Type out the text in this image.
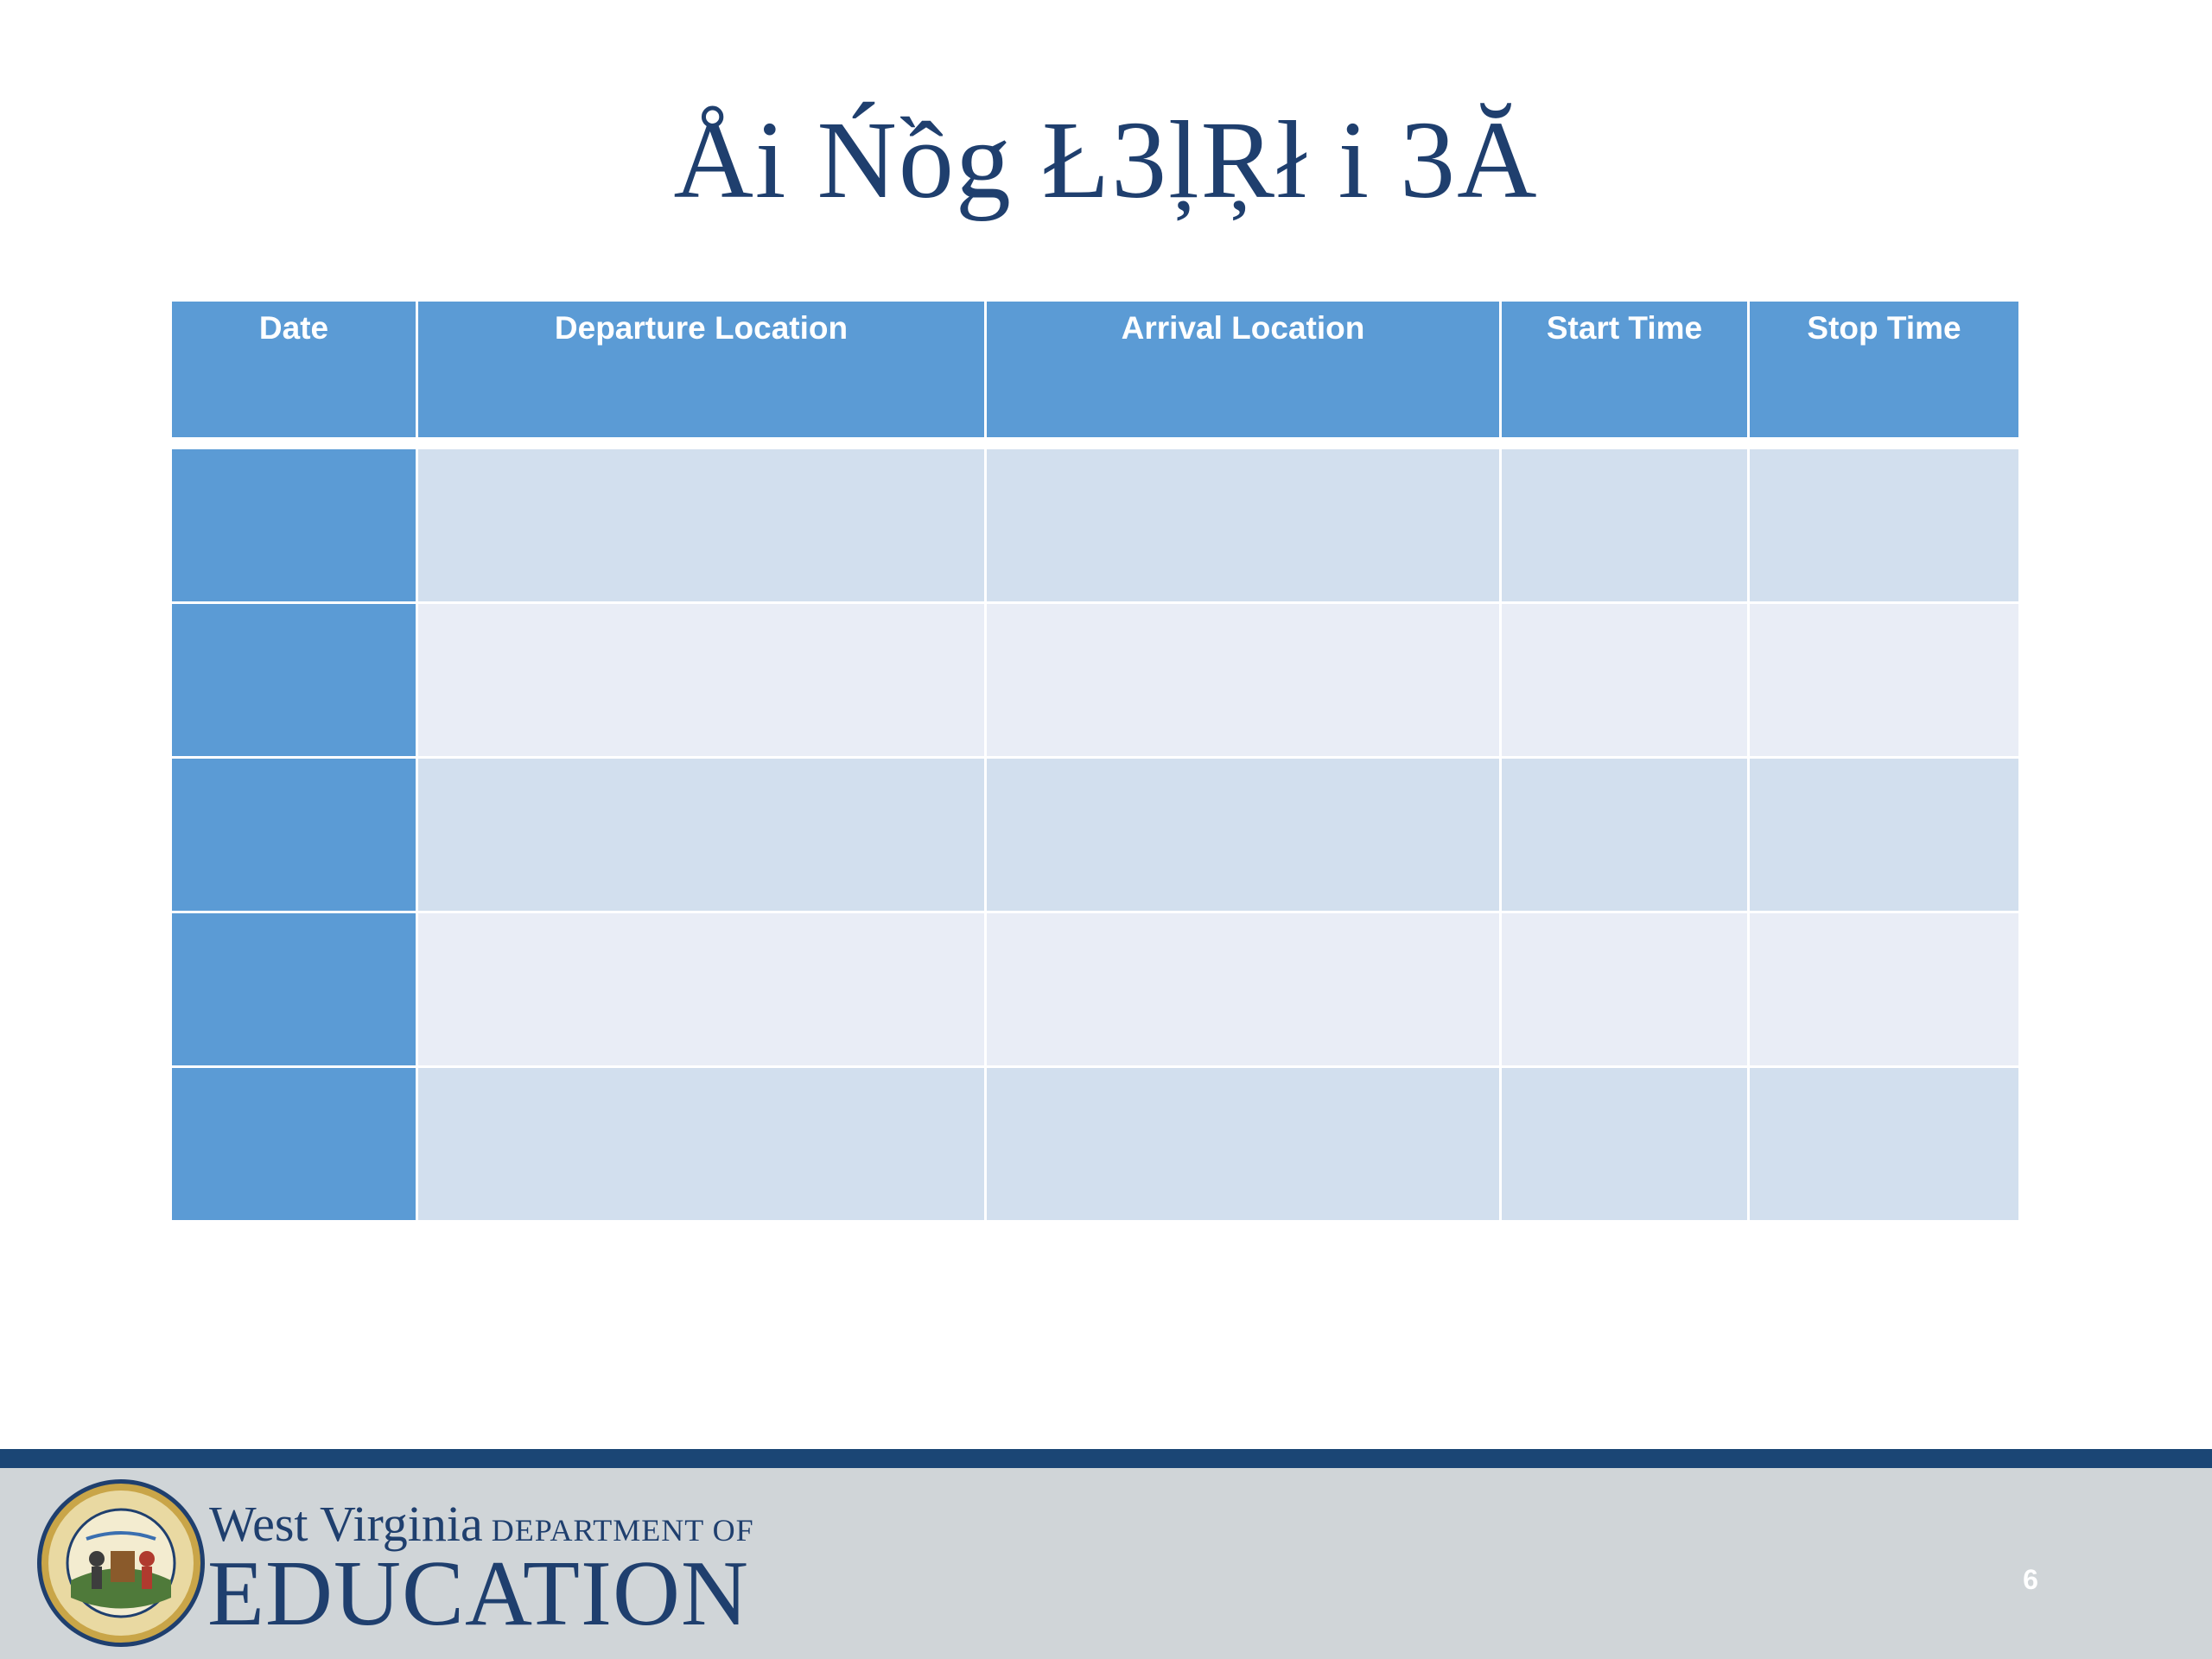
Åi Ńồg Ł3ļŖł i 3Ă
Date	Departure Location	Arrival Location	Start Time	Stop Time

West Virginia DEPARTMENT OF
EDUCATION	6
